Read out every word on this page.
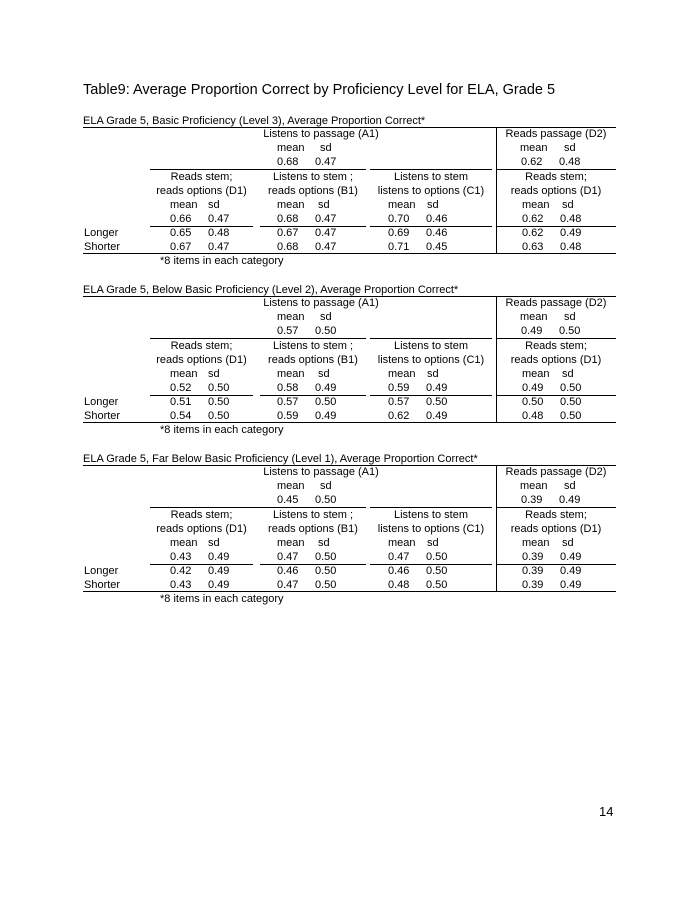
Table9: Average Proportion Correct by Proficiency Level for ELA, Grade 5
ELA Grade 5, Basic Proficiency (Level 3), Average Proportion Correct*
Listens to passage (A1)	Reads passage (D2)
mean sd	mean sd
0.68 0.47	0.62 0.48
Reads stem;
reads options (D1)
Listens to stem ;
reads options (B1)
Listens to stem
listens to options (C1)
Reads stem;
reads options (D1)
mean sd	mean sd	mean sd	mean sd
0.66 0.47	0.68 0.47	0.70 0.46	0.62 0.48
Longer	0.65 0.48	0.67 0.47	0.69 0.46	0.62 0.49
Shorter	0.67 0.47	0.68 0.47	0.71 0.45	0.63 0.48
*8 items in each category
ELA Grade 5, Below Basic Proficiency (Level 2), Average Proportion Correct*
Listens to passage (A1)	Reads passage (D2)
mean sd	mean sd
0.57 0.50	0.49 0.50
Reads stem;
reads options (D1)
Listens to stem ;
reads options (B1)
Listens to stem
listens to options (C1)
Reads stem;
reads options (D1)
mean sd	mean sd	mean sd	mean sd
0.52 0.50	0.58 0.49	0.59 0.49	0.49 0.50
Longer	0.51 0.50	0.57 0.50	0.57 0.50	0.50 0.50
Shorter	0.54 0.50	0.59 0.49	0.62 0.49	0.48 0.50
*8 items in each category
ELA Grade 5, Far Below Basic Proficiency (Level 1), Average Proportion Correct*
Listens to passage (A1)	Reads passage (D2)
mean sd	mean sd
0.45 0.50	0.39 0.49
Reads stem;
reads options (D1)
Listens to stem ;
reads options (B1)
Listens to stem
listens to options (C1)
Reads stem;
reads options (D1)
mean sd	mean sd	mean sd	mean sd
0.43 0.49	0.47 0.50	0.47 0.50	0.39 0.49
Longer	0.42 0.49	0.46 0.50	0.46 0.50	0.39 0.49
Shorter	0.43 0.49	0.47 0.50	0.48 0.50	0.39 0.49
*8 items in each category
14
